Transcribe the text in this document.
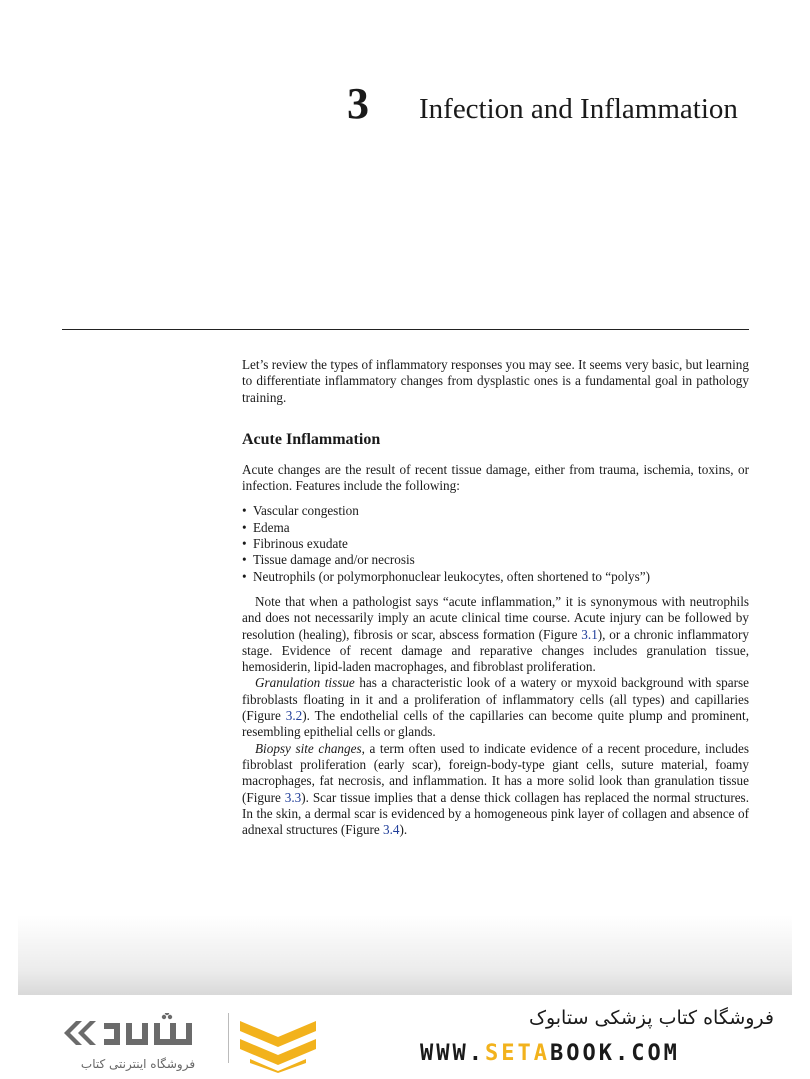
3 Infection and Inflammation

Let’s review the types of inflammatory responses you may see. It seems very basic, but learning to differentiate inflammatory changes from dysplastic ones is a fundamental goal in pathology training.

Acute Inflammation

Acute changes are the result of recent tissue damage, either from trauma, ischemia, toxins, or infection. Features include the following:

• Vascular congestion
• Edema
• Fibrinous exudate
• Tissue damage and/or necrosis
• Neutrophils (or polymorphonuclear leukocytes, often shortened to “polys”)

Note that when a pathologist says “acute inflammation,” it is synonymous with neutrophils and does not necessarily imply an acute clinical time course. Acute injury can be followed by resolution (healing), fibrosis or scar, abscess formation (Figure 3.1), or a chronic inflammatory stage. Evidence of recent damage and reparative changes includes granulation tissue, hemosiderin, lipid-laden macrophages, and fibroblast proliferation.

Granulation tissue has a characteristic look of a watery or myxoid background with sparse fibroblasts floating in it and a proliferation of inflammatory cells (all types) and capillaries (Figure 3.2). The endothelial cells of the capillaries can become quite plump and prominent, resembling epithelial cells or glands.

Biopsy site changes, a term often used to indicate evidence of a recent procedure, includes fibroblast proliferation (early scar), foreign-body-type giant cells, suture material, foamy macrophages, fat necrosis, and inflammation. It has a more solid look than granulation tissue (Figure 3.3). Scar tissue implies that a dense thick collagen has replaced the normal structures. In the skin, a dermal scar is evidenced by a homogeneous pink layer of collagen and absence of adnexal structures (Figure 3.4).

فروشگاه اینترنتی کتاب
فروشگاه کتاب پزشکی ستابوک
WWW.SETABOOK.COM
